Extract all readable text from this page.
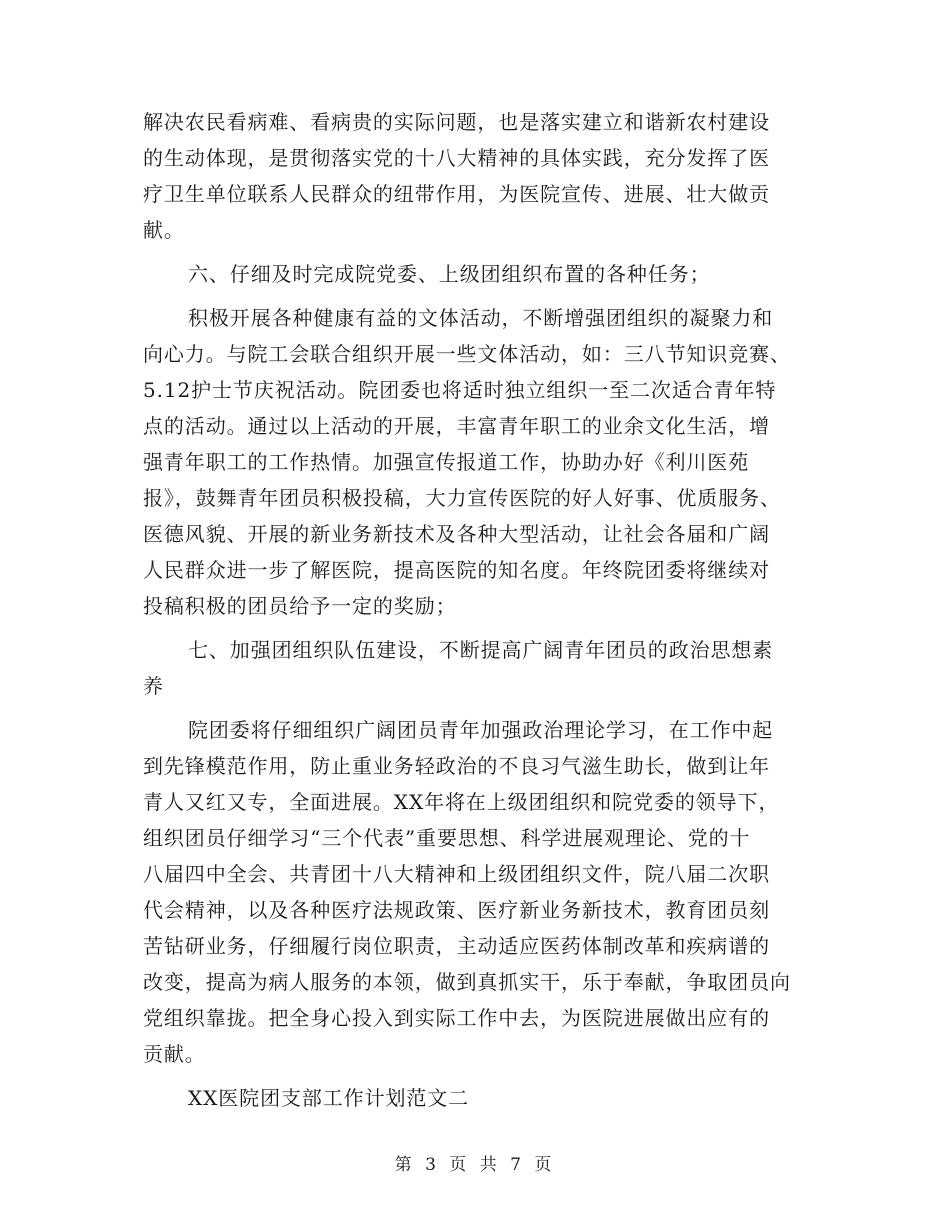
解决农民看病难、看病贵的实际问题，也是落实建立和谐新农村建设
的生动体现，是贯彻落实党的十八大精神的具体实践，充分发挥了医
疗卫生单位联系人民群众的纽带作用，为医院宣传、进展、壮大做贡
献。
六、仔细及时完成院党委、上级团组织布置的各种任务；
积极开展各种健康有益的文体活动，不断增强团组织的凝聚力和
向心力。与院工会联合组织开展一些文体活动，如：三八节知识竞赛、
5.12护士节庆祝活动。院团委也将适时独立组织一至二次适合青年特
点的活动。通过以上活动的开展，丰富青年职工的业余文化生活，增
强青年职工的工作热情。加强宣传报道工作，协助办好《利川医苑
报》，鼓舞青年团员积极投稿，大力宣传医院的好人好事、优质服务、
医德风貌、开展的新业务新技术及各种大型活动，让社会各届和广阔
人民群众进一步了解医院，提高医院的知名度。年终院团委将继续对
投稿积极的团员给予一定的奖励；
七、加强团组织队伍建设，不断提高广阔青年团员的政治思想素
养
院团委将仔细组织广阔团员青年加强政治理论学习，在工作中起
到先锋模范作用，防止重业务轻政治的不良习气滋生助长，做到让年
青人又红又专，全面进展。XX年将在上级团组织和院党委的领导下，
组织团员仔细学习“三个代表”重要思想、科学进展观理论、党的十
八届四中全会、共青团十八大精神和上级团组织文件，院八届二次职
代会精神，以及各种医疗法规政策、医疗新业务新技术，教育团员刻
苦钻研业务，仔细履行岗位职责，主动适应医药体制改革和疾病谱的
改变，提高为病人服务的本领，做到真抓实干，乐于奉献，争取团员向
党组织靠拢。把全身心投入到实际工作中去，为医院进展做出应有的
贡献。
XX医院团支部工作计划范文二
第 3 页 共 7 页
